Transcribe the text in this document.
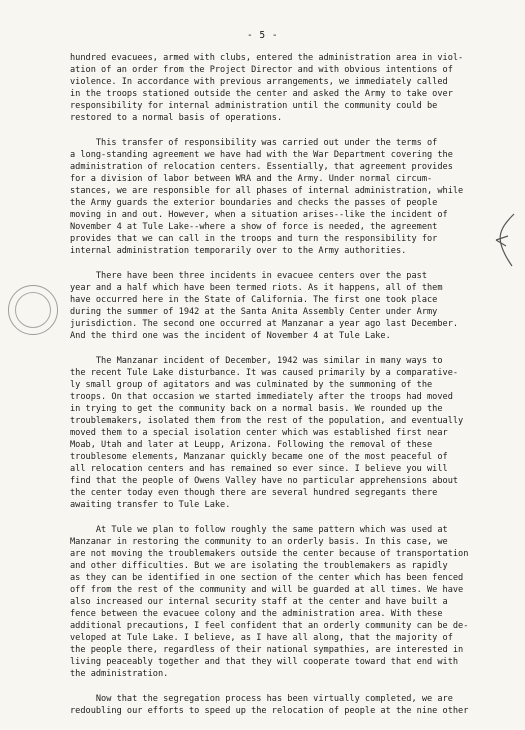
- 5 -

hundred evacuees, armed with clubs, entered the administration area in viol-
ation of an order from the Project Director and with obvious intentions of
violence. In accordance with previous arrangements, we immediately called
in the troops stationed outside the center and asked the Army to take over
responsibility for internal administration until the community could be
restored to a normal basis of operations.

This transfer of responsibility was carried out under the terms of
a long-standing agreement we have had with the War Department covering the
administration of relocation centers. Essentially, that agreement provides
for a division of labor between WRA and the Army. Under normal circum-
stances, we are responsible for all phases of internal administration, while
the Army guards the exterior boundaries and checks the passes of people
moving in and out. However, when a situation arises--like the incident of
November 4 at Tule Lake--where a show of force is needed, the agreement
provides that we can call in the troops and turn the responsibility for
internal administration temporarily over to the Army authorities.

There have been three incidents in evacuee centers over the past
year and a half which have been termed riots. As it happens, all of them
have occurred here in the State of California. The first one took place
during the summer of 1942 at the Santa Anita Assembly Center under Army
jurisdiction. The second one occurred at Manzanar a year ago last December.
And the third one was the incident of November 4 at Tule Lake.

The Manzanar incident of December, 1942 was similar in many ways to
the recent Tule Lake disturbance. It was caused primarily by a comparative-
ly small group of agitators and was culminated by the summoning of the
troops. On that occasion we started immediately after the troops had moved
in trying to get the community back on a normal basis. We rounded up the
troublemakers, isolated them from the rest of the population, and eventually
moved them to a special isolation center which was established first near
Moab, Utah and later at Leupp, Arizona. Following the removal of these
troublesome elements, Manzanar quickly became one of the most peaceful of
all relocation centers and has remained so ever since. I believe you will
find that the people of Owens Valley have no particular apprehensions about
the center today even though there are several hundred segregants there
awaiting transfer to Tule Lake.

At Tule we plan to follow roughly the same pattern which was used at
Manzanar in restoring the community to an orderly basis. In this case, we
are not moving the troublemakers outside the center because of transportation
and other difficulties. But we are isolating the troublemakers as rapidly
as they can be identified in one section of the center which has been fenced
off from the rest of the community and will be guarded at all times. We have
also increased our internal security staff at the center and have built a
fence between the evacuee colony and the administration area. With these
additional precautions, I feel confident that an orderly community can be de-
veloped at Tule Lake. I believe, as I have all along, that the majority of
the people there, regardless of their national sympathies, are interested in
living peaceably together and that they will cooperate toward that end with
the administration.

Now that the segregation process has been virtually completed, we are
redoubling our efforts to speed up the relocation of people at the nine other
